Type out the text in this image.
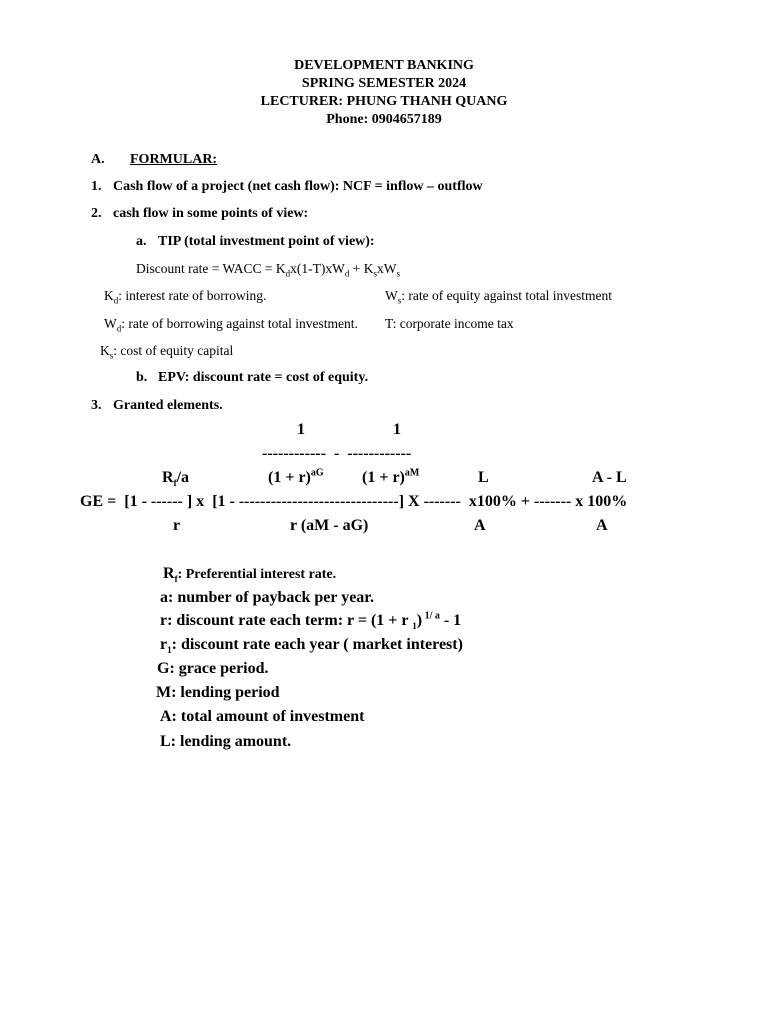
DEVELOPMENT BANKING
SPRING SEMESTER 2024
LECTURER: PHUNG THANH QUANG
Phone: 0904657189
A. FORMULAR:
1. Cash flow of a project (net cash flow): NCF = inflow – outflow
2. cash flow in some points of view:
a. TIP (total investment point of view):
Discount rate = WACC = $K_dx(1-T)xW_d + K_sxW_s$
$K_d$: interest rate of borrowing.	$W_s$: rate of equity against total investment
$W_d$: rate of borrowing against total investment. T: corporate income tax
$K_s$: cost of equity capital
b. EPV: discount rate = cost of equity.
3. Granted elements.
1	1
------------  -  ------------
$R_f/a$	$(1 + r)^{aG}$ $(1 + r)^{aM}$	L	A - L
GE =  [1 - ------ ] x  [1 - ------------------------------] X -------  x100% + ------- x 100%
r	r (aM - aG)	A	A
$R_f$: Preferential interest rate.
a: number of payback per year.
r: discount rate each term: r = (1 + r $_1$) $^{1/ a}$ - 1
$r_1$: discount rate each year ( market interest)
G: grace period.
M: lending period
A: total amount of investment
L: lending amount.
